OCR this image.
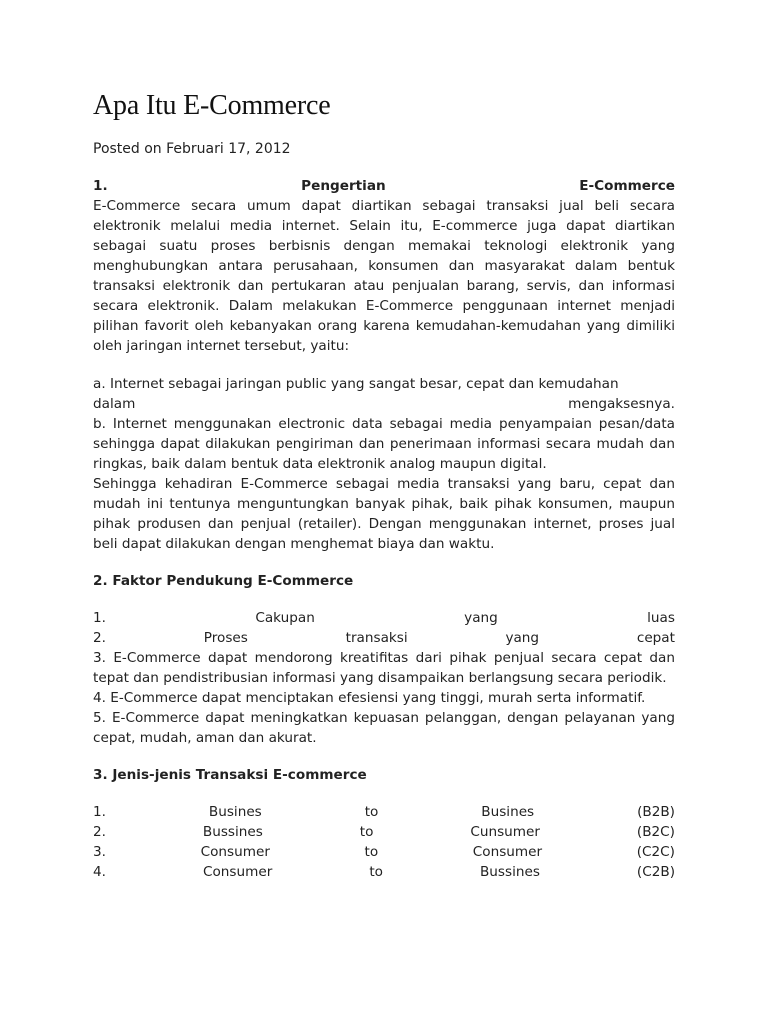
Apa Itu E-Commerce
Posted on Februari 17, 2012
1.	Pengertian	E-Commerce

E-Commerce secara umum dapat diartikan sebagai transaksi jual beli secara elektronik melalui media internet. Selain itu, E-commerce juga dapat diartikan sebagai suatu proses berbisnis dengan memakai teknologi elektronik yang menghubungkan antara perusahaan, konsumen dan masyarakat dalam bentuk transaksi elektronik dan pertukaran atau penjualan barang, servis, dan informasi secara elektronik. Dalam melakukan E-Commerce penggunaan internet menjadi pilihan favorit oleh kebanyakan orang karena kemudahan-kemudahan yang dimiliki oleh jaringan internet tersebut, yaitu:

a. Internet sebagai jaringan public yang sangat besar, cepat dan kemudahan

dalam	mengaksesnya.

b. Internet menggunakan electronic data sebagai media penyampaian pesan/data sehingga dapat dilakukan pengiriman dan penerimaan informasi secara mudah dan ringkas, baik dalam bentuk data elektronik analog maupun digital.

Sehingga kehadiran E-Commerce sebagai media transaksi yang baru, cepat dan mudah ini tentunya menguntungkan banyak pihak, baik pihak konsumen, maupun pihak produsen dan penjual (retailer). Dengan menggunakan internet, proses jual beli dapat dilakukan dengan menghemat biaya dan waktu.

2. Faktor Pendukung E-Commerce

1.	Cakupan	yang	luas
2.	Proses	transaksi	yang	cepat

3. E-Commerce dapat mendorong kreatifitas dari pihak penjual secara cepat dan tepat dan pendistribusian informasi yang disampaikan berlangsung secara periodik.

4. E-Commerce dapat menciptakan efesiensi yang tinggi, murah serta informatif.

5. E-Commerce dapat meningkatkan kepuasan pelanggan, dengan pelayanan yang cepat, mudah, aman dan akurat.

3. Jenis-jenis Transaksi E-commerce

1.	Busines	to	Busines	(B2B)
2.	Bussines	to	Cunsumer	(B2C)
3.	Consumer	to	Consumer	(C2C)
4.	Consumer	to	Bussines	(C2B)
